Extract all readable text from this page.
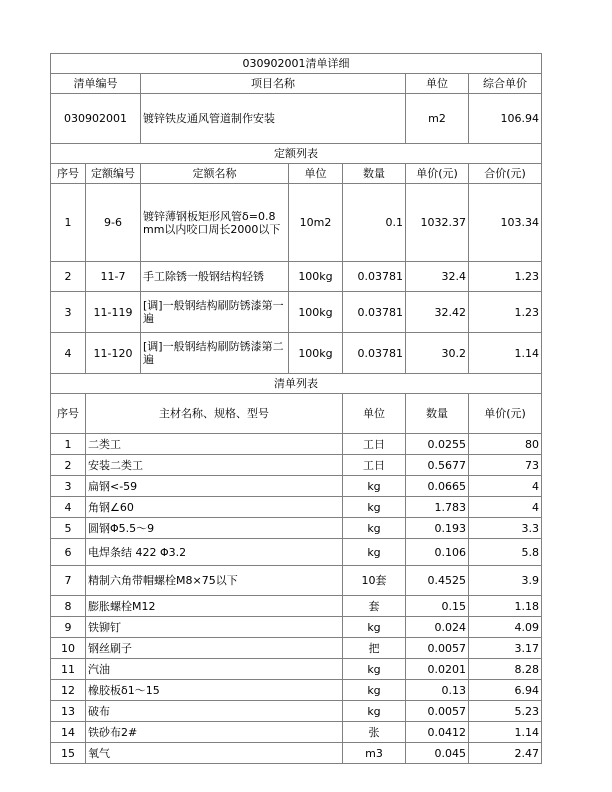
030902001清单详细							
清单编号		项目名称			单位	综合单价	
030902001		镀锌铁皮通风管道制作安装			m2	106.94	
定额列表							
序号	定额编号	定额名称	单位	数量	单价(元)	合价(元)	
1	9-6	镀锌薄钢板矩形风管δ=0.8mm以内咬口周长2000以下	10m2	0.1	1032.37	103.34	
2	11-7	手工除锈一般钢结构轻锈	100kg	0.03781	32.4	1.23	
3	11-119	[调]一般钢结构刷防锈漆第一遍	100kg	0.03781	32.42	1.23	
4	11-120	[调]一般钢结构刷防锈漆第二遍	100kg	0.03781	30.2	1.14	
清单列表							
序号	主材名称、规格、型号			单位	数量	单价(元)	
1	二类工			工日	0.0255	80	
2	安装二类工			工日	0.5677	73	
3	扁钢<-59			kg	0.0665	4	
4	角钢∠60			kg	1.783	4	
5	圆钢Φ5.5～9			kg	0.193	3.3	
6	电焊条结 422 Φ3.2			kg	0.106	5.8	
7	精制六角带帽螺栓M8×75以下			10套	0.4525	3.9	
8	膨胀螺栓M12			套	0.15	1.18	
9	铁铆钉			kg	0.024	4.09	
10	钢丝刷子			把	0.0057	3.17	
11	汽油			kg	0.0201	8.28	
12	橡胶板δ1～15			kg	0.13	6.94	
13	破布			kg	0.0057	5.23	
14	铁砂布2#			张	0.0412	1.14	
15	氧气			m3	0.045	2.47	
